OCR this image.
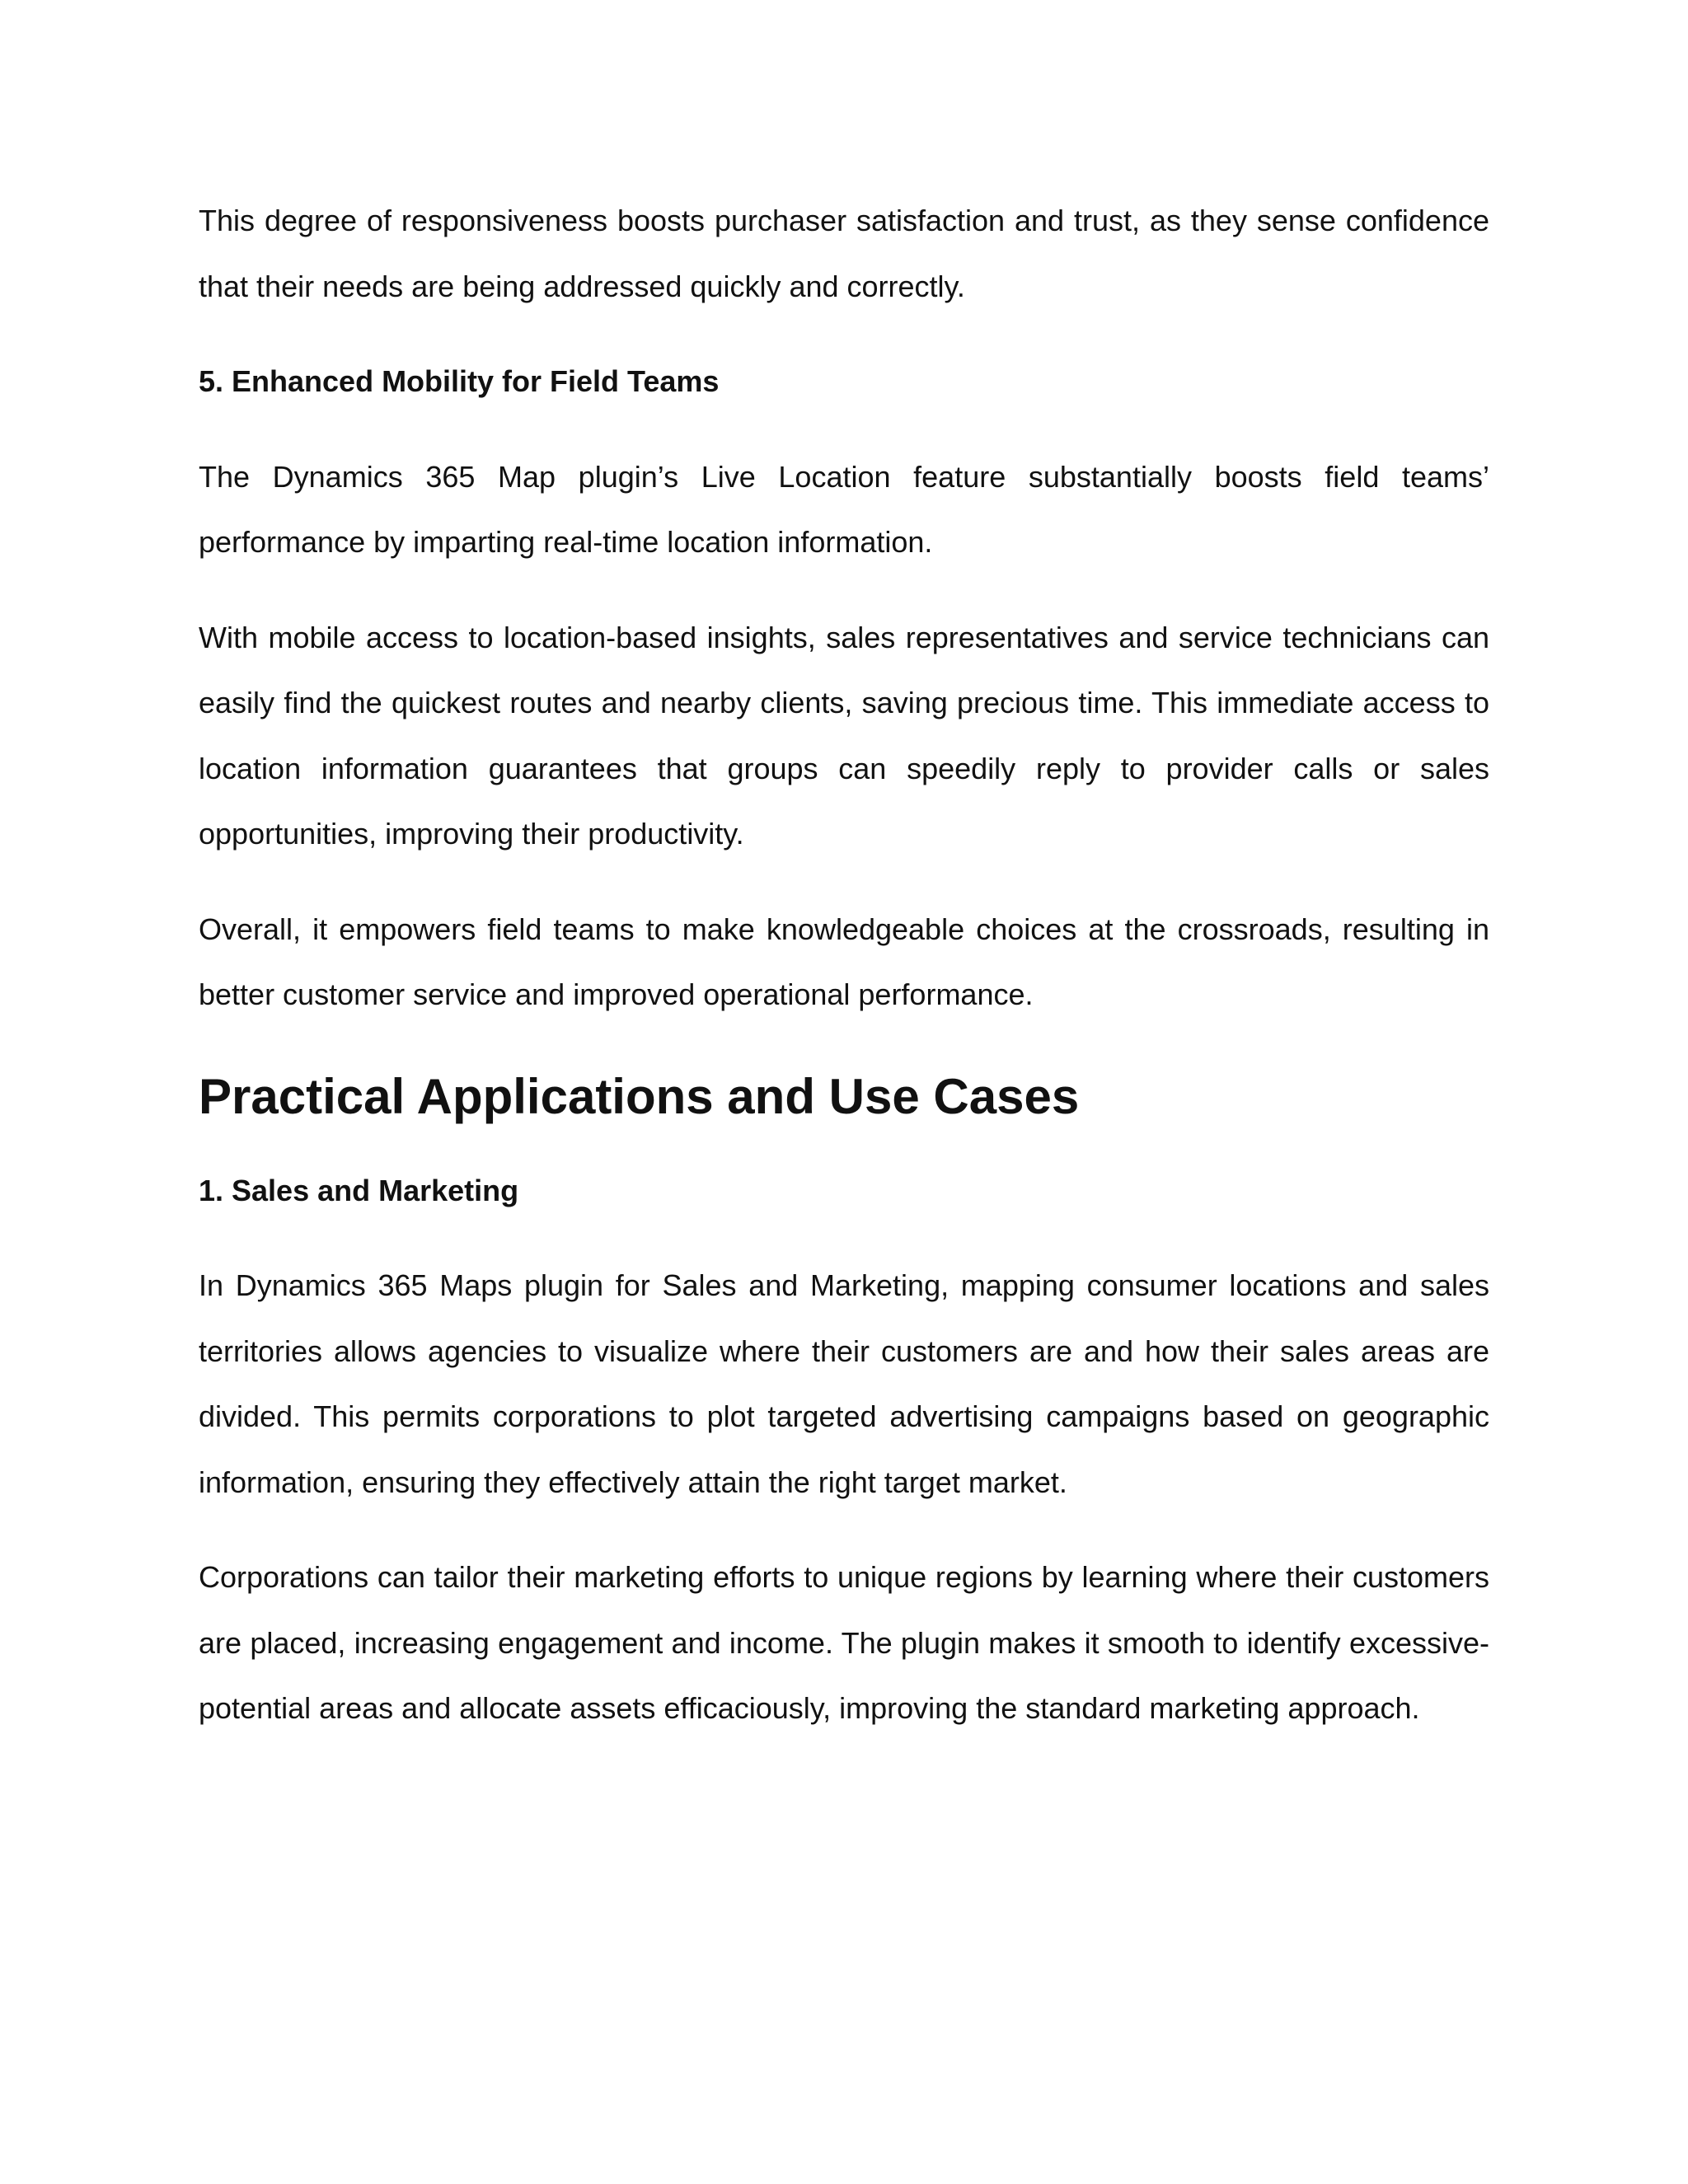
This degree of responsiveness boosts purchaser satisfaction and trust, as they sense confidence that their needs are being addressed quickly and correctly.

5. Enhanced Mobility for Field Teams

The Dynamics 365 Map plugin’s Live Location feature substantially boosts field teams’ performance by imparting real-time location information.

With mobile access to location-based insights, sales representatives and service technicians can easily find the quickest routes and nearby clients, saving precious time. This immediate access to location information guarantees that groups can speedily reply to provider calls or sales opportunities, improving their productivity.

Overall, it empowers field teams to make knowledgeable choices at the crossroads, resulting in better customer service and improved operational performance.

Practical Applications and Use Cases

1. Sales and Marketing

In Dynamics 365 Maps plugin for Sales and Marketing, mapping consumer locations and sales territories allows agencies to visualize where their customers are and how their sales areas are divided. This permits corporations to plot targeted advertising campaigns based on geographic information, ensuring they effectively attain the right target market.

Corporations can tailor their marketing efforts to unique regions by learning where their customers are placed, increasing engagement and income. The plugin makes it smooth to identify excessive-potential areas and allocate assets efficaciously, improving the standard marketing approach.
